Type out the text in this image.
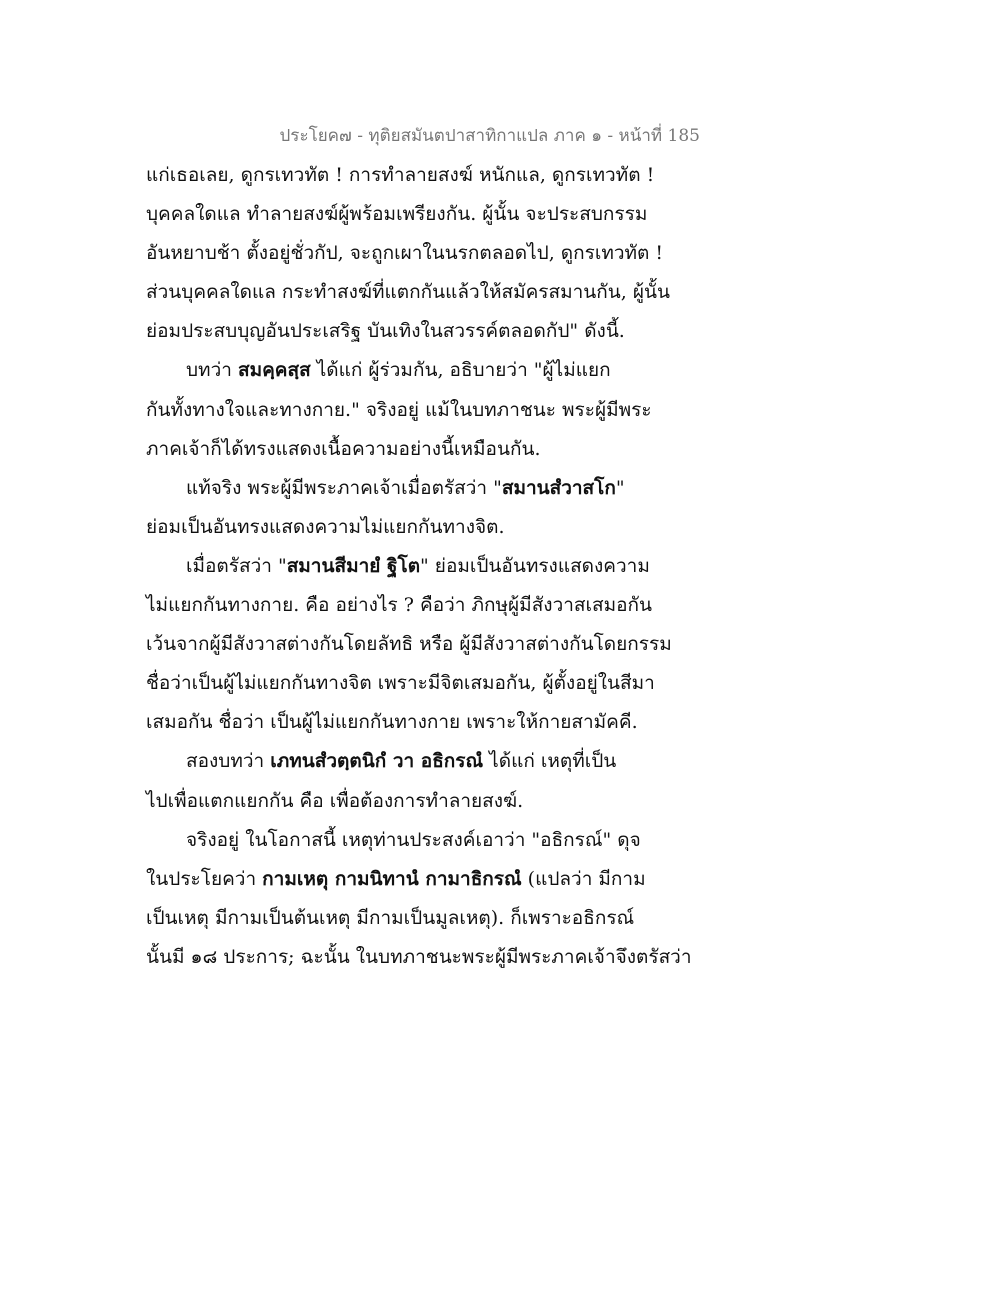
ประโยค๗ - ทุติยสมันตปาสาทิกาแปล ภาค ๑ - หน้าที่ 185
แก่เธอเลย, ดูกรเทวทัต ! การทำลายสงฆ์ หนักแล, ดูกรเทวทัต !
บุคคลใดแล ทำลายสงฆ์ผู้พร้อมเพรียงกัน. ผู้นั้น จะประสบกรรม
อันหยาบช้า ตั้งอยู่ชั่วกัป, จะถูกเผาในนรกตลอดไป, ดูกรเทวทัต !
ส่วนบุคคลใดแล กระทำสงฆ์ที่แตกกันแล้วให้สมัครสมานกัน, ผู้นั้น
ย่อมประสบบุญอันประเสริฐ บันเทิงในสวรรค์ตลอดกัป" ดังนี้.
บทว่า สมคฺคสฺส ได้แก่ ผู้ร่วมกัน, อธิบายว่า "ผู้ไม่แยก
กันทั้งทางใจและทางกาย." จริงอยู่ แม้ในบทภาชนะ พระผู้มีพระ
ภาคเจ้าก็ได้ทรงแสดงเนื้อความอย่างนี้เหมือนกัน.
แท้จริง พระผู้มีพระภาคเจ้าเมื่อตรัสว่า "สมานสํวาสโก"
ย่อมเป็นอันทรงแสดงความไม่แยกกันทางจิต.
เมื่อตรัสว่า "สมานสีมายํ ฐิโต" ย่อมเป็นอันทรงแสดงความ
ไม่แยกกันทางกาย. คือ อย่างไร ? คือว่า ภิกษุผู้มีสังวาสเสมอกัน
เว้นจากผู้มีสังวาสต่างกันโดยลัทธิ หรือ ผู้มีสังวาสต่างกันโดยกรรม
ชื่อว่าเป็นผู้ไม่แยกกันทางจิต เพราะมีจิตเสมอกัน, ผู้ตั้งอยู่ในสีมา
เสมอกัน ชื่อว่า เป็นผู้ไม่แยกกันทางกาย เพราะให้กายสามัคคี.
สองบทว่า เภทนสํวตฺตนิกํ วา อธิกรณํ ได้แก่ เหตุที่เป็น
ไปเพื่อแตกแยกกัน คือ เพื่อต้องการทำลายสงฆ์.
จริงอยู่ ในโอกาสนี้ เหตุท่านประสงค์เอาว่า "อธิกรณ์" ดุจ
ในประโยคว่า กามเหตุ กามนิทานํ กามาธิกรณํ (แปลว่า มีกาม
เป็นเหตุ มีกามเป็นต้นเหตุ มีกามเป็นมูลเหตุ). ก็เพราะอธิกรณ์
นั้นมี ๑๘ ประการ; ฉะนั้น ในบทภาชนะพระผู้มีพระภาคเจ้าจึงตรัสว่า
